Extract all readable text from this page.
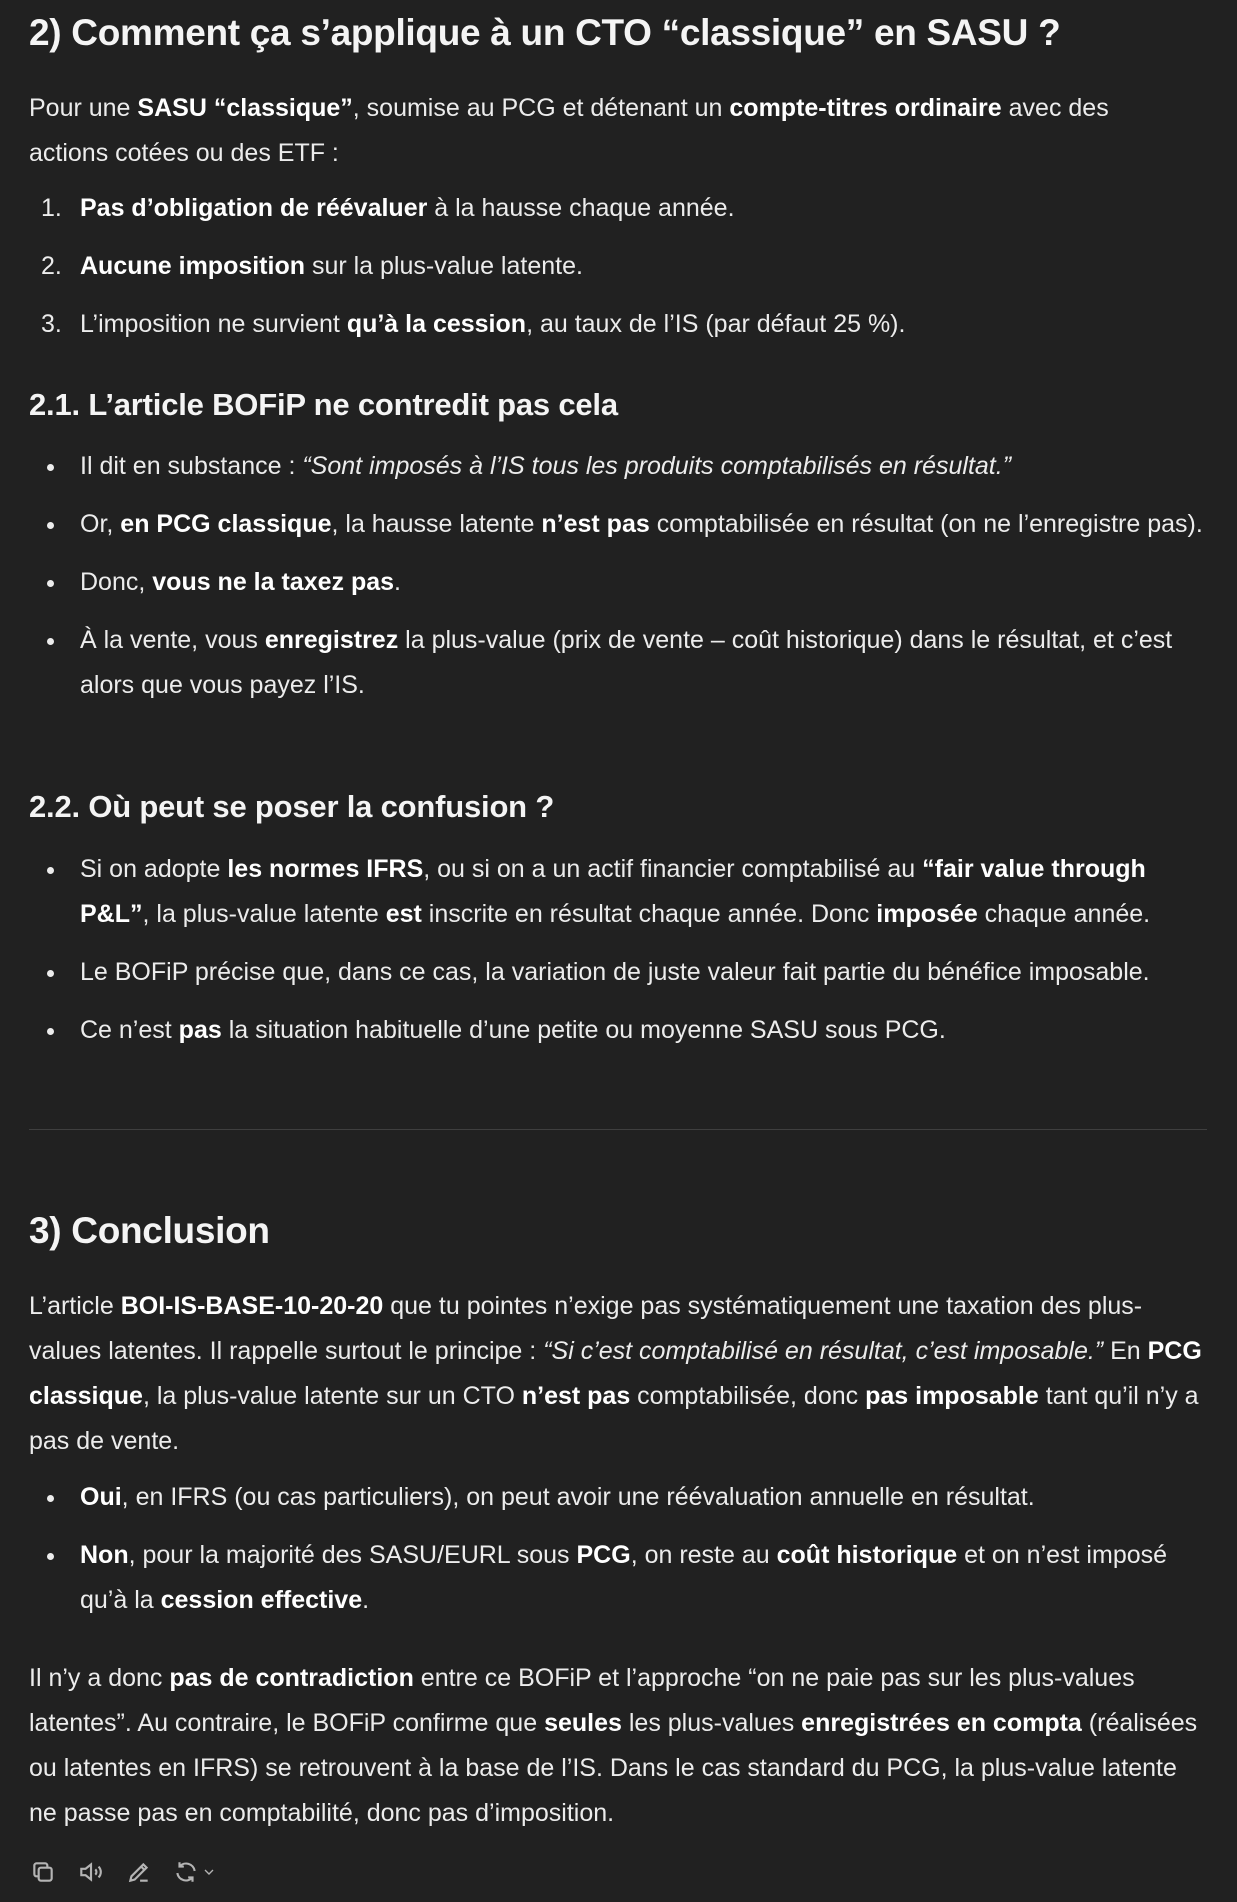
2) Comment ça s’applique à un CTO “classique” en SASU ?

Pour une SASU “classique”, soumise au PCG et détenant un compte-titres ordinaire avec des actions cotées ou des ETF :

1. Pas d’obligation de réévaluer à la hausse chaque année.
2. Aucune imposition sur la plus-value latente.
3. L’imposition ne survient qu’à la cession, au taux de l’IS (par défaut 25 %).
2.1. L’article BOFiP ne contredit pas cela
Il dit en substance : “Sont imposés à l’IS tous les produits comptabilisés en résultat.”
Or, en PCG classique, la hausse latente n’est pas comptabilisée en résultat (on ne l’enregistre pas).
Donc, vous ne la taxez pas.
À la vente, vous enregistrez la plus-value (prix de vente – coût historique) dans le résultat, et c’est alors que vous payez l’IS.
2.2. Où peut se poser la confusion ?
Si on adopte les normes IFRS, ou si on a un actif financier comptabilisé au “fair value through P&L”, la plus-value latente est inscrite en résultat chaque année. Donc imposée chaque année.
Le BOFiP précise que, dans ce cas, la variation de juste valeur fait partie du bénéfice imposable.
Ce n’est pas la situation habituelle d’une petite ou moyenne SASU sous PCG.
3) Conclusion

L’article BOI-IS-BASE-10-20-20 que tu pointes n’exige pas systématiquement une taxation des plus-values latentes. Il rappelle surtout le principe : “Si c’est comptabilisé en résultat, c’est imposable.” En PCG classique, la plus-value latente sur un CTO n’est pas comptabilisée, donc pas imposable tant qu’il n’y a pas de vente.

Oui, en IFRS (ou cas particuliers), on peut avoir une réévaluation annuelle en résultat.
Non, pour la majorité des SASU/EURL sous PCG, on reste au coût historique et on n’est imposé qu’à la cession effective.

Il n’y a donc pas de contradiction entre ce BOFiP et l’approche “on ne paie pas sur les plus-values latentes”. Au contraire, le BOFiP confirme que seules les plus-values enregistrées en compta (réalisées ou latentes en IFRS) se retrouvent à la base de l’IS. Dans le cas standard du PCG, la plus-value latente ne passe pas en comptabilité, donc pas d’imposition.
